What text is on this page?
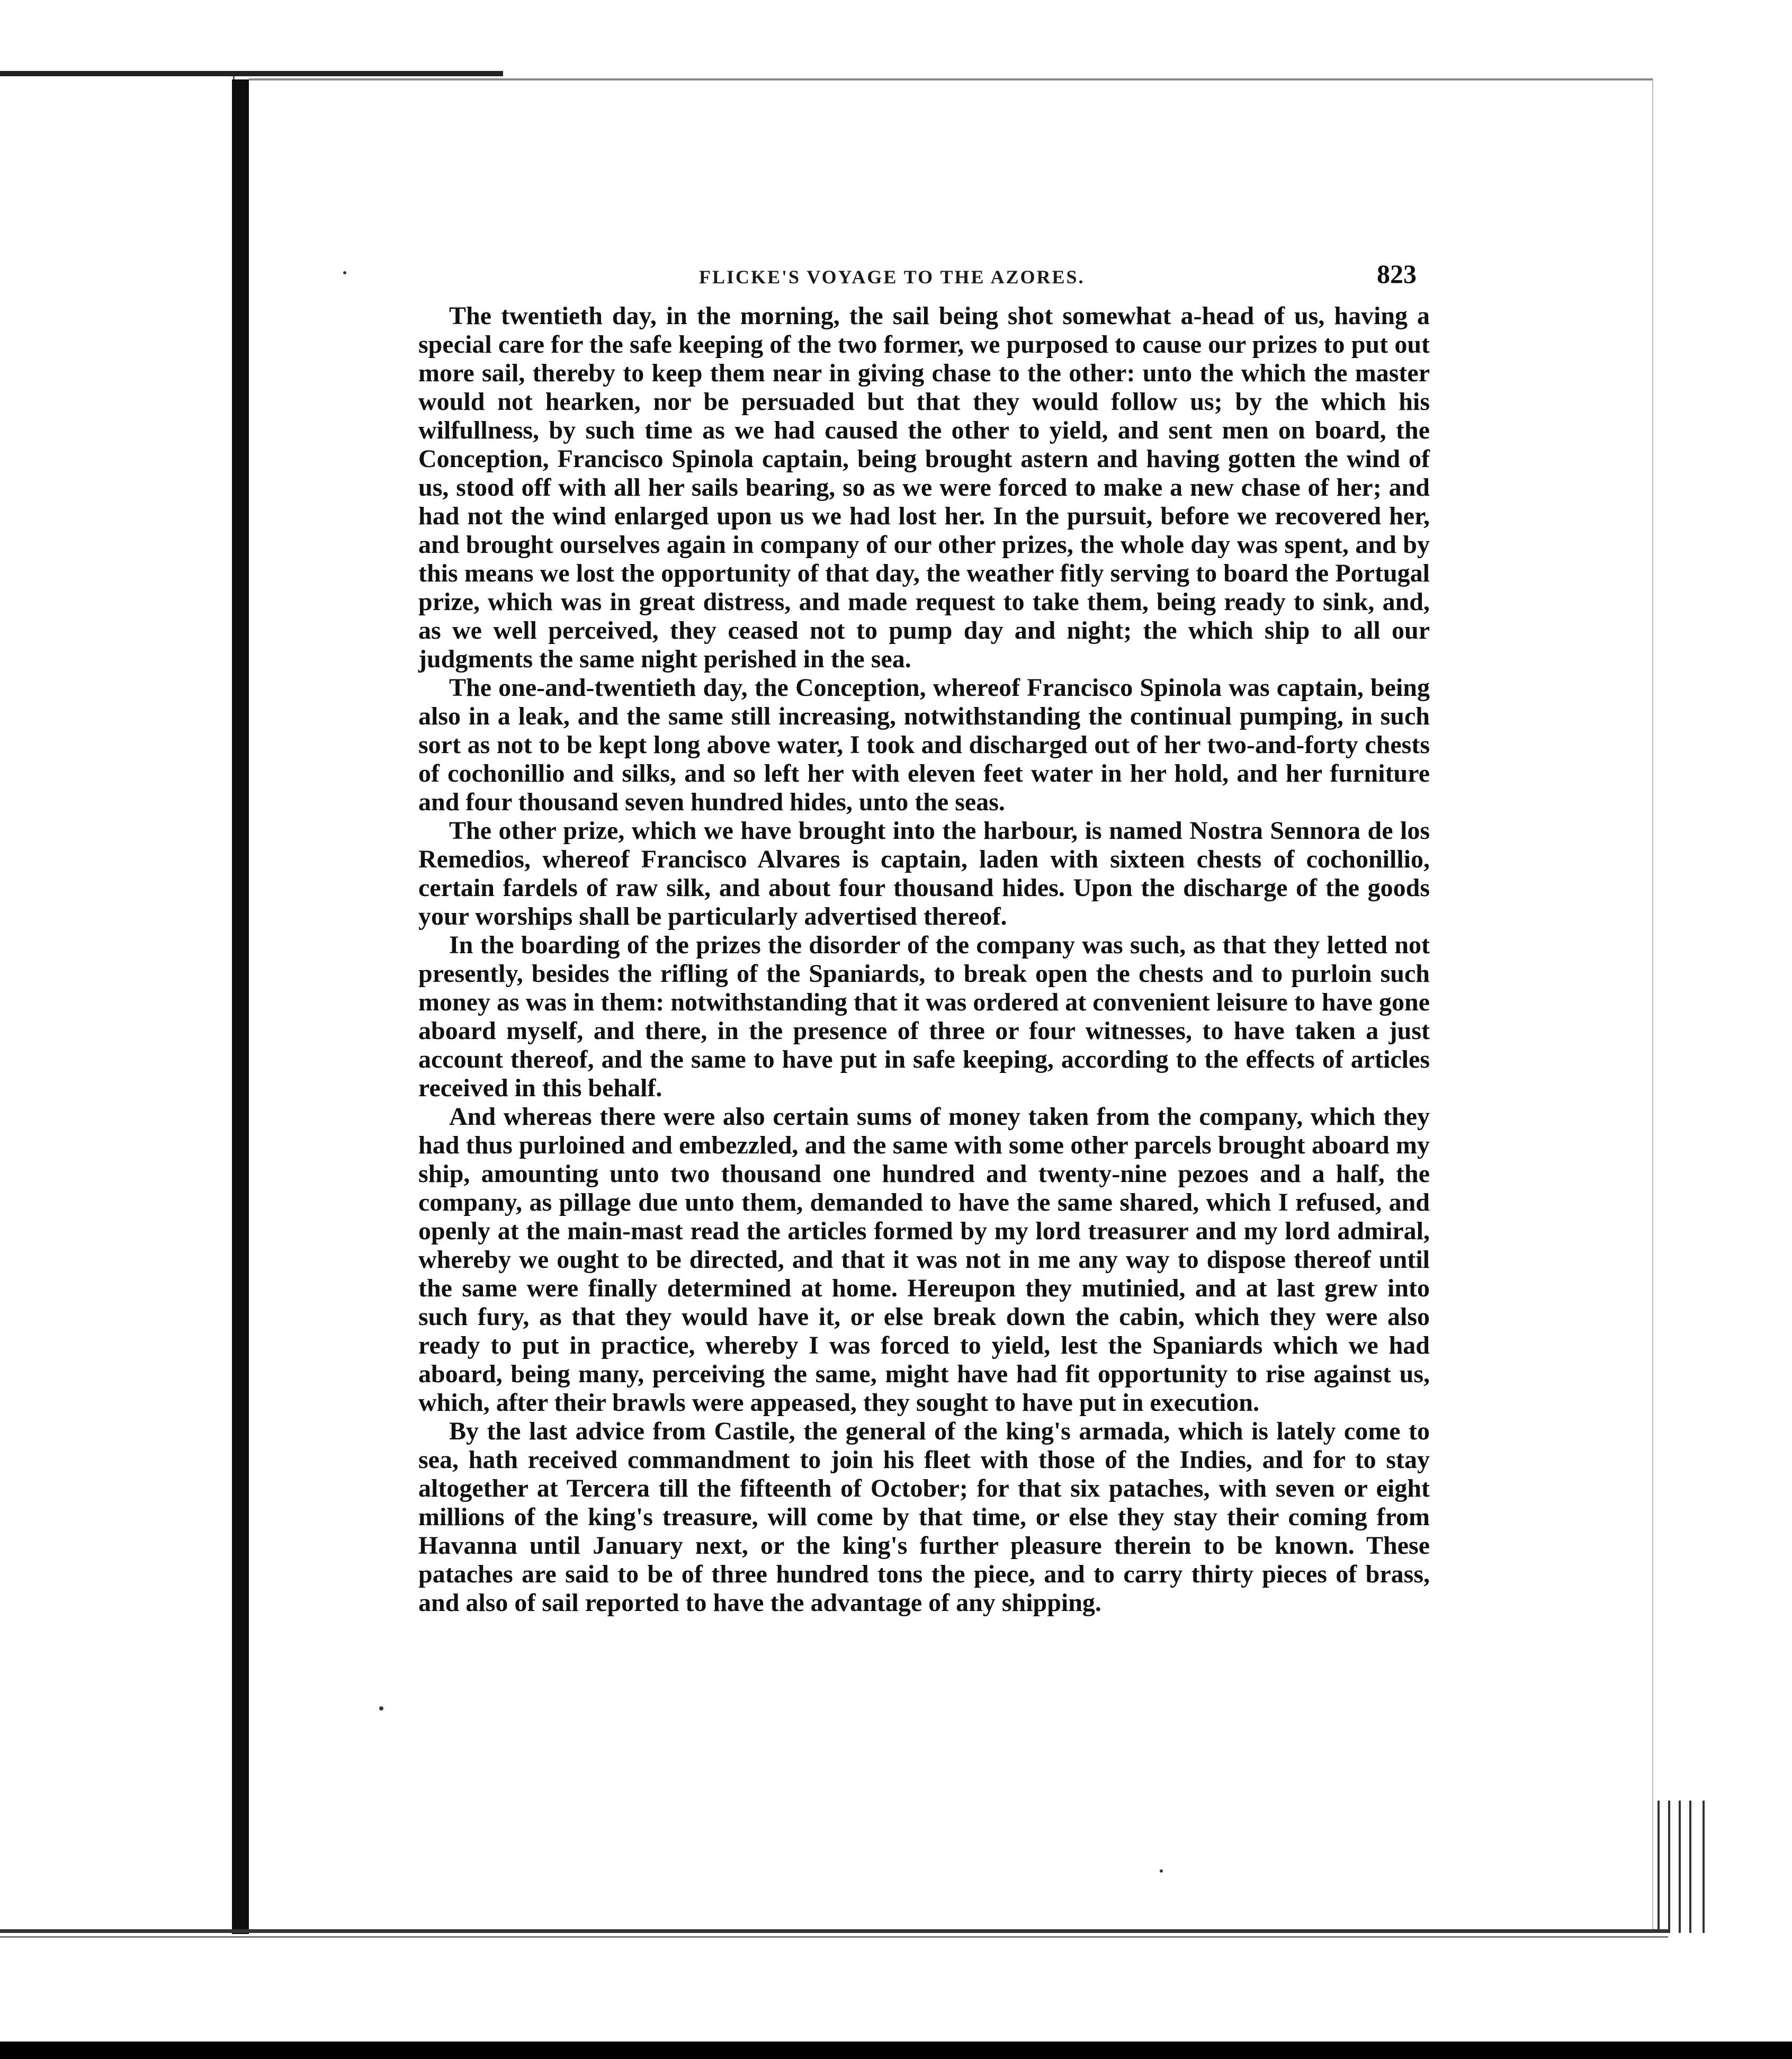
FLICKE'S VOYAGE TO THE AZORES.	823

The twentieth day, in the morning, the sail being shot somewhat a-head of us, having a special care for the safe keeping of the two former, we purposed to cause our prizes to put out more sail, thereby to keep them near in giving chase to the other: unto the which the master would not hearken, nor be persuaded but that they would follow us; by the which his wilfullness, by such time as we had caused the other to yield, and sent men on board, the Conception, Francisco Spinola captain, being brought astern and having gotten the wind of us, stood off with all her sails bearing, so as we were forced to make a new chase of her; and had not the wind enlarged upon us we had lost her. In the pursuit, before we recovered her, and brought ourselves again in company of our other prizes, the whole day was spent, and by this means we lost the opportunity of that day, the weather fitly serving to board the Portugal prize, which was in great distress, and made request to take them, being ready to sink, and, as we well perceived, they ceased not to pump day and night; the which ship to all our judgments the same night perished in the sea.

The one-and-twentieth day, the Conception, whereof Francisco Spinola was captain, being also in a leak, and the same still increasing, notwithstanding the continual pumping, in such sort as not to be kept long above water, I took and discharged out of her two-and-forty chests of cochonillio and silks, and so left her with eleven feet water in her hold, and her furniture and four thousand seven hundred hides, unto the seas.

The other prize, which we have brought into the harbour, is named Nostra Sennora de los Remedios, whereof Francisco Alvares is captain, laden with sixteen chests of cochonillio, certain fardels of raw silk, and about four thousand hides. Upon the discharge of the goods your worships shall be particularly advertised thereof.

In the boarding of the prizes the disorder of the company was such, as that they letted not presently, besides the rifling of the Spaniards, to break open the chests and to purloin such money as was in them: notwithstanding that it was ordered at convenient leisure to have gone aboard myself, and there, in the presence of three or four witnesses, to have taken a just account thereof, and the same to have put in safe keeping, according to the effects of articles received in this behalf.

And whereas there were also certain sums of money taken from the company, which they had thus purloined and embezzled, and the same with some other parcels brought aboard my ship, amounting unto two thousand one hundred and twenty-nine pezoes and a half, the company, as pillage due unto them, demanded to have the same shared, which I refused, and openly at the main-mast read the articles formed by my lord treasurer and my lord admiral, whereby we ought to be directed, and that it was not in me any way to dispose thereof until the same were finally determined at home. Hereupon they mutinied, and at last grew into such fury, as that they would have it, or else break down the cabin, which they were also ready to put in practice, whereby I was forced to yield, lest the Spaniards which we had aboard, being many, perceiving the same, might have had fit opportunity to rise against us, which, after their brawls were appeased, they sought to have put in execution.

By the last advice from Castile, the general of the king's armada, which is lately come to sea, hath received commandment to join his fleet with those of the Indies, and for to stay altogether at Tercera till the fifteenth of October; for that six pataches, with seven or eight millions of the king's treasure, will come by that time, or else they stay their coming from Havanna until January next, or the king's further pleasure therein to be known. These pataches are said to be of three hundred tons the piece, and to carry thirty pieces of brass, and also of sail reported to have the advantage of any shipping.
